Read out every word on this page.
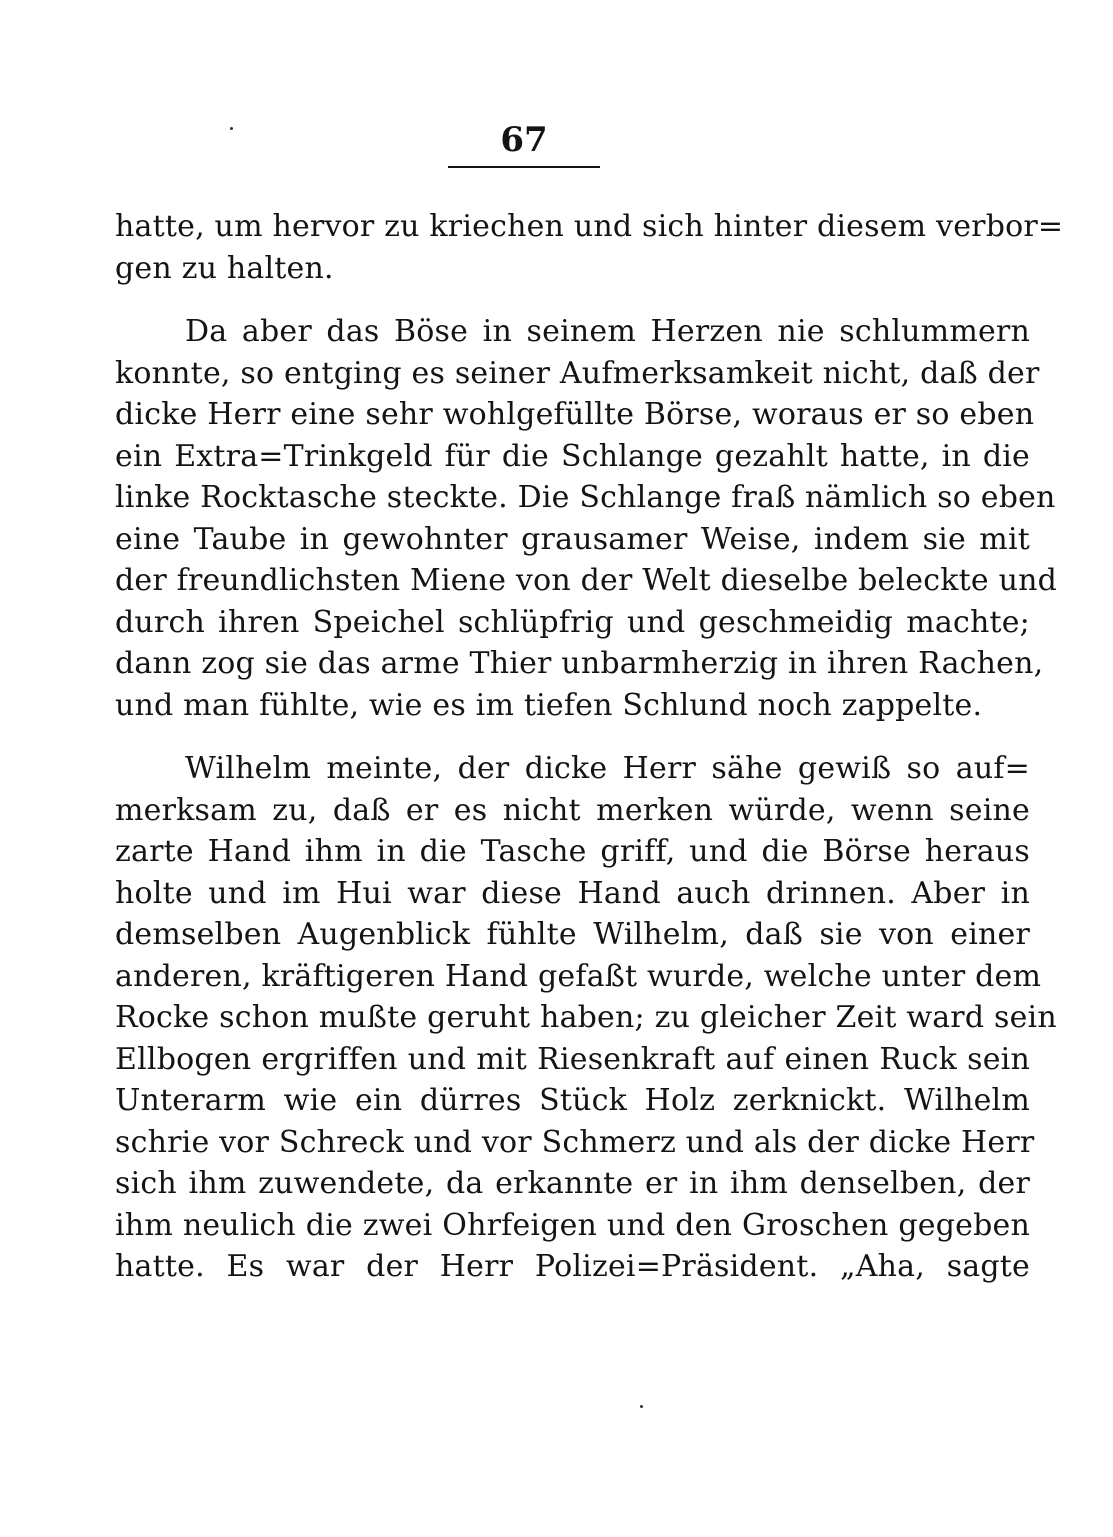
67

hatte, um hervor zu kriechen und sich hinter diesem verbor=
gen zu halten.

Da aber das Böse in seinem Herzen nie schlummern
konnte, so entging es seiner Aufmerksamkeit nicht, daß der
dicke Herr eine sehr wohlgefüllte Börse, woraus er so eben
ein Extra=Trinkgeld für die Schlange gezahlt hatte, in die
linke Rocktasche steckte. Die Schlange fraß nämlich so eben
eine Taube in gewohnter grausamer Weise, indem sie mit
der freundlichsten Miene von der Welt dieselbe beleckte und
durch ihren Speichel schlüpfrig und geschmeidig machte;
dann zog sie das arme Thier unbarmherzig in ihren Rachen,
und man fühlte, wie es im tiefen Schlund noch zappelte.

Wilhelm meinte, der dicke Herr sähe gewiß so auf=
merksam zu, daß er es nicht merken würde, wenn seine
zarte Hand ihm in die Tasche griff, und die Börse heraus
holte und im Hui war diese Hand auch drinnen. Aber in
demselben Augenblick fühlte Wilhelm, daß sie von einer
anderen, kräftigeren Hand gefaßt wurde, welche unter dem
Rocke schon mußte geruht haben; zu gleicher Zeit ward sein
Ellbogen ergriffen und mit Riesenkraft auf einen Ruck sein
Unterarm wie ein dürres Stück Holz zerknickt. Wilhelm
schrie vor Schreck und vor Schmerz und als der dicke Herr
sich ihm zuwendete, da erkannte er in ihm denselben, der
ihm neulich die zwei Ohrfeigen und den Groschen gegeben
hatte. Es war der Herr Polizei=Präsident. „Aha, sagte
